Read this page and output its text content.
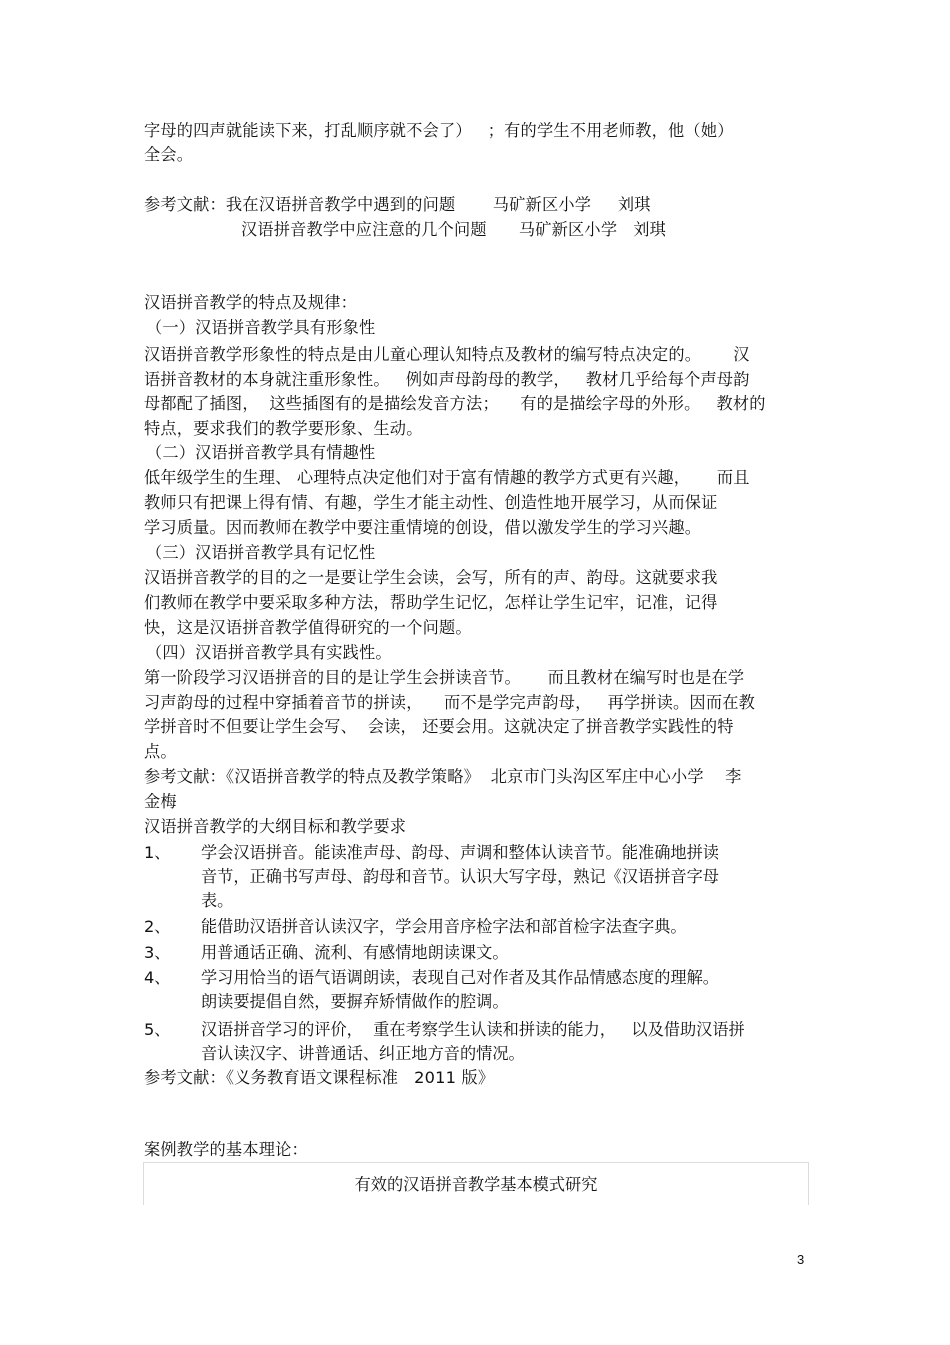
字母的四声就能读下来，打乱顺序就不会了）   ；有的学生不用老师教，他（她）
全会。
参考文献：我在汉语拼音教学中遇到的问题       马矿新区小学     刘琪
汉语拼音教学中应注意的几个问题      马矿新区小学   刘琪
汉语拼音教学的特点及规律：
（一）汉语拼音教学具有形象性
汉语拼音教学形象性的特点是由儿童心理认知特点及教材的编写特点决定的。      汉
语拼音教材的本身就注重形象性。   例如声母韵母的教学，   教材几乎给每个声母韵
母都配了插图，  这些插图有的是描绘发音方法；    有的是描绘字母的外形。   教材的
特点，要求我们的教学要形象、生动。
（二）汉语拼音教学具有情趣性
低年级学生的生理、 心理特点决定他们对于富有情趣的教学方式更有兴趣，     而且
教师只有把课上得有情、有趣，学生才能主动性、创造性地开展学习，从而保证
学习质量。因而教师在教学中要注重情境的创设，借以激发学生的学习兴趣。
（三）汉语拼音教学具有记忆性
汉语拼音教学的目的之一是要让学生会读，会写，所有的声、韵母。这就要求我
们教师在教学中要采取多种方法，帮助学生记忆，怎样让学生记牢，记准，记得
快，这是汉语拼音教学值得研究的一个问题。
（四）汉语拼音教学具有实践性。
第一阶段学习汉语拼音的目的是让学生会拼读音节。     而且教材在编写时也是在学
习声韵母的过程中穿插着音节的拼读，    而不是学完声韵母，   再学拼读。因而在教
学拼音时不但要让学生会写、  会读， 还要会用。这就决定了拼音教学实践性的特
点。
参考文献：《汉语拼音教学的特点及教学策略》  北京市门头沟区军庄中心小学    李
金梅
汉语拼音教学的大纲目标和教学要求
1、 学会汉语拼音。能读准声母、韵母、声调和整体认读音节。能准确地拼读
音节，正确书写声母、韵母和音节。认识大写字母，熟记《汉语拼音字母
表。
2、 能借助汉语拼音认读汉字，学会用音序检字法和部首检字法查字典。
3、 用普通话正确、流利、有感情地朗读课文。
4、 学习用恰当的语气语调朗读，表现自己对作者及其作品情感态度的理解。
朗读要提倡自然，要摒弃矫情做作的腔调。
5、 汉语拼音学习的评价，  重在考察学生认读和拼读的能力，   以及借助汉语拼
音认读汉字、讲普通话、纠正地方音的情况。
参考文献：《义务教育语文课程标准   2011 版》
案例教学的基本理论：
有效的汉语拼音教学基本模式研究
3
